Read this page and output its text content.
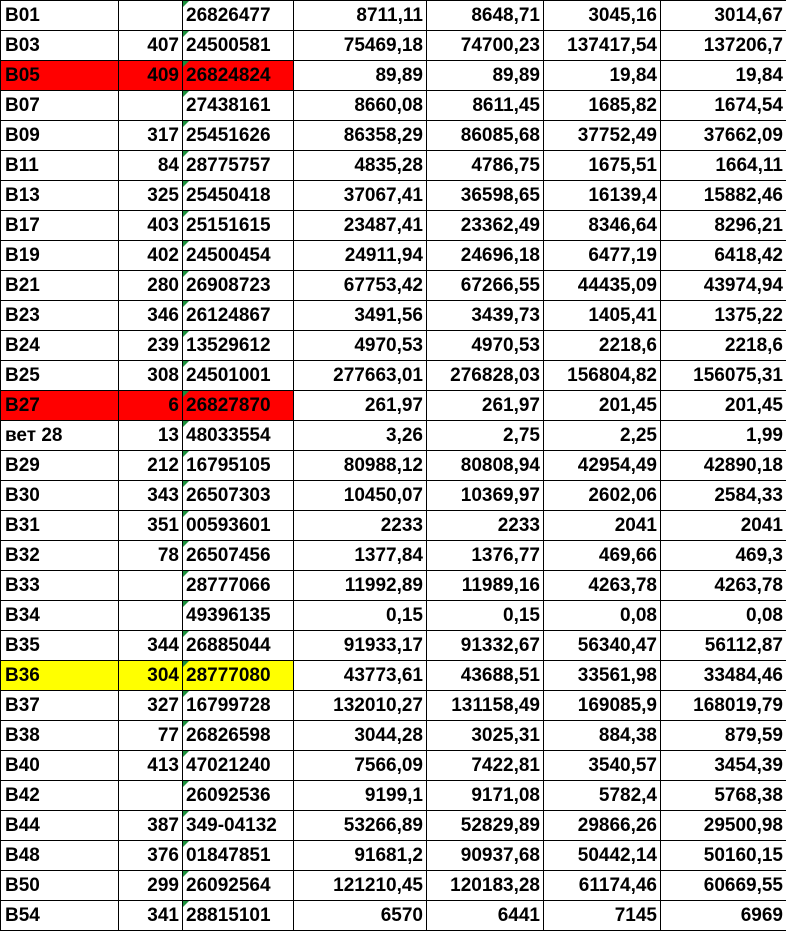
B01		26826477	8711,11	8648,71	3045,16	3014,67
B03	407	24500581	75469,18	74700,23	137417,54	137206,7
B05	409	26824824	89,89	89,89	19,84	19,84
B07		27438161	8660,08	8611,45	1685,82	1674,54
B09	317	25451626	86358,29	86085,68	37752,49	37662,09
B11	84	28775757	4835,28	4786,75	1675,51	1664,11
B13	325	25450418	37067,41	36598,65	16139,4	15882,46
B17	403	25151615	23487,41	23362,49	8346,64	8296,21
B19	402	24500454	24911,94	24696,18	6477,19	6418,42
B21	280	26908723	67753,42	67266,55	44435,09	43974,94
B23	346	26124867	3491,56	3439,73	1405,41	1375,22
B24	239	13529612	4970,53	4970,53	2218,6	2218,6
B25	308	24501001	277663,01	276828,03	156804,82	156075,31
B27	6	26827870	261,97	261,97	201,45	201,45
вет 28	13	48033554	3,26	2,75	2,25	1,99
B29	212	16795105	80988,12	80808,94	42954,49	42890,18
B30	343	26507303	10450,07	10369,97	2602,06	2584,33
B31	351	00593601	2233	2233	2041	2041
B32	78	26507456	1377,84	1376,77	469,66	469,3
B33		28777066	11992,89	11989,16	4263,78	4263,78
B34		49396135	0,15	0,15	0,08	0,08
B35	344	26885044	91933,17	91332,67	56340,47	56112,87
B36	304	28777080	43773,61	43688,51	33561,98	33484,46
B37	327	16799728	132010,27	131158,49	169085,9	168019,79
B38	77	26826598	3044,28	3025,31	884,38	879,59
B40	413	47021240	7566,09	7422,81	3540,57	3454,39
B42		26092536	9199,1	9171,08	5782,4	5768,38
B44	387	349-04132	53266,89	52829,89	29866,26	29500,98
B48	376	01847851	91681,2	90937,68	50442,14	50160,15
B50	299	26092564	121210,45	120183,28	61174,46	60669,55
B54	341	28815101	6570	6441	7145	6969
